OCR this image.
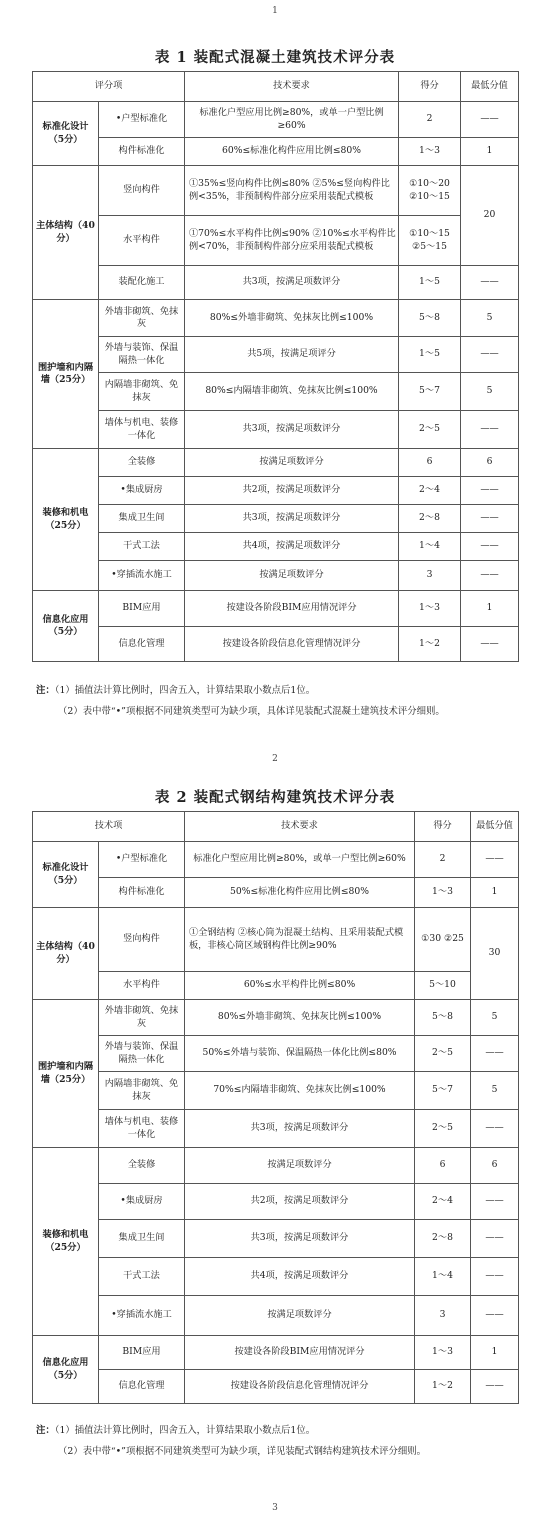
1
表 1 装配式混凝土建筑技术评分表
评分项		技术要求	得分	最低分值
标准化设计（5分）	•户型标准化	标准化户型应用比例≥80%，或单一户型比例≥60%	2	——
	构件标准化	60%≤标准化构件应用比例≤80%	1～3	1
主体结构（40分）	竖向构件	①35%≤竖向构件比例≤80% ②5%≤竖向构件比例<35%，非预制构件部分应采用装配式模板	①10～20 ②10～15	20
	水平构件	①70%≤水平构件比例≤90% ②10%≤水平构件比例<70%，非预制构件部分应采用装配式模板	①10～15 ②5～15	
	装配化施工	共3项，按满足项数评分	1～5	——
围护墙和内隔墙（25分）	外墙非砌筑、免抹灰	80%≤外墙非砌筑、免抹灰比例≤100%	5～8	5
	外墙与装饰、保温隔热一体化	共5项，按满足项评分	1～5	——
	内隔墙非砌筑、免抹灰	80%≤内隔墙非砌筑、免抹灰比例≤100%	5～7	5
	墙体与机电、装修一体化	共3项，按满足项数评分	2～5	——
装修和机电（25分）	全装修	按满足项数评分	6	6
	•集成厨房	共2项，按满足项数评分	2～4	——
	集成卫生间	共3项，按满足项数评分	2～8	——
	干式工法	共4项，按满足项数评分	1～4	——
	•穿插流水施工	按满足项数评分	3	——
信息化应用（5分）	BIM应用	按建设各阶段BIM应用情况评分	1～3	1
	信息化管理	按建设各阶段信息化管理情况评分	1～2	——
注：（1）插值法计算比例时，四舍五入，计算结果取小数点后1位。
（2）表中带“•”项根据不同建筑类型可为缺少项，具体详见装配式混凝土建筑技术评分细则。
2
表 2 装配式钢结构建筑技术评分表
技术项		技术要求	得分	最低分值
标准化设计（5分）	•户型标准化	标准化户型应用比例≥80%，或单一户型比例≥60%	2	——
	构件标准化	50%≤标准化构件应用比例≤80%	1～3	1
主体结构（40分）	竖向构件	①全钢结构 ②核心筒为混凝土结构、且采用装配式模板，非核心筒区域钢构件比例≥90%	①30 ②25	30
	水平构件	60%≤水平构件比例≤80%	5～10	
围护墙和内隔墙（25分）	外墙非砌筑、免抹灰	80%≤外墙非砌筑、免抹灰比例≤100%	5～8	5
	外墙与装饰、保温隔热一体化	50%≤外墙与装饰、保温隔热一体化比例≤80%	2～5	——
	内隔墙非砌筑、免抹灰	70%≤内隔墙非砌筑、免抹灰比例≤100%	5～7	5
	墙体与机电、装修一体化	共3项，按满足项数评分	2～5	——
装修和机电（25分）	全装修	按满足项数评分	6	6
	•集成厨房	共2项，按满足项数评分	2～4	——
	集成卫生间	共3项，按满足项数评分	2～8	——
	干式工法	共4项，按满足项数评分	1～4	——
	•穿插流水施工	按满足项数评分	3	——
信息化应用（5分）	BIM应用	按建设各阶段BIM应用情况评分	1～3	1
	信息化管理	按建设各阶段信息化管理情况评分	1～2	——
注：（1）插值法计算比例时，四舍五入，计算结果取小数点后1位。
（2）表中带“•”项根据不同建筑类型可为缺少项，详见装配式钢结构建筑技术评分细则。
3
